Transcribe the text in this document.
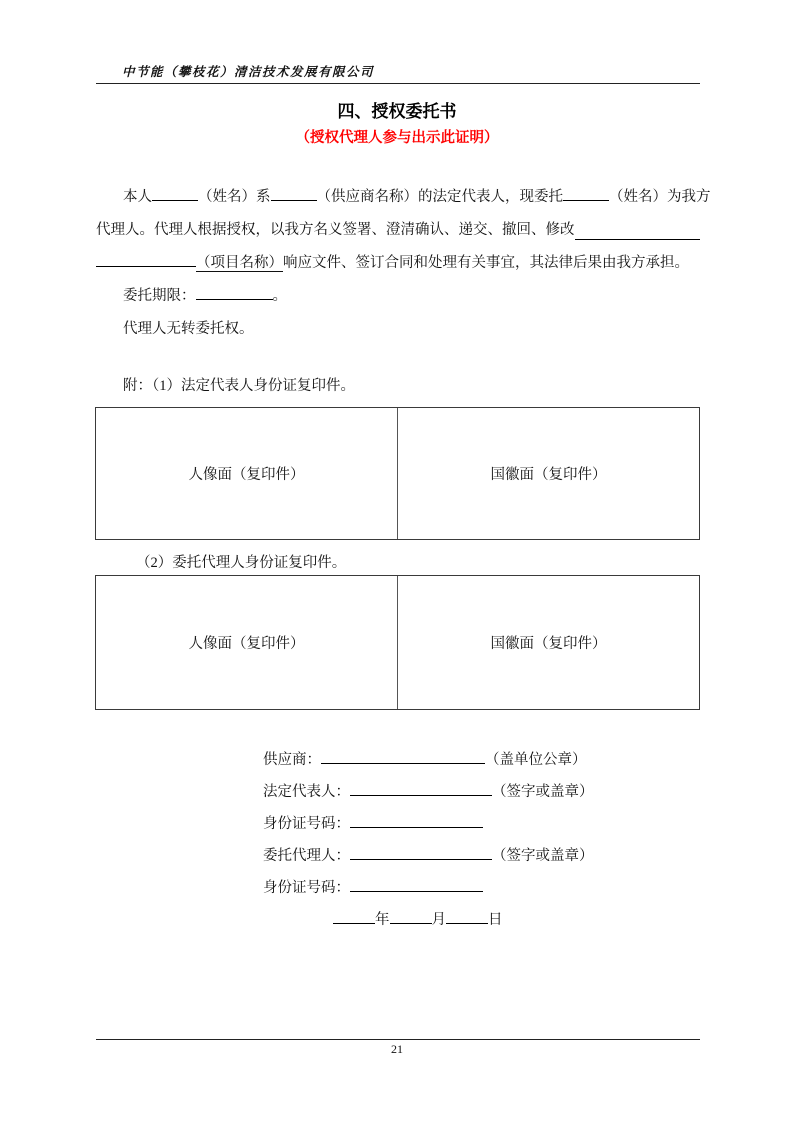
中节能（攀枝花）清洁技术发展有限公司
四、授权委托书
（授权代理人参与出示此证明）
本人	（姓名）系	（供应商名称）的法定代表人，现委托	（姓名）为我方
代理人。代理人根据授权，以我方名义签署、澄清确认、递交、撤回、修改
（项目名称）响应文件、签订合同和处理有关事宜，其法律后果由我方承担。
委托期限：	。
代理人无转委托权。
附：（1）法定代表人身份证复印件。
人像面（复印件）	国徽面（复印件）
（2）委托代理人身份证复印件。
人像面（复印件）	国徽面（复印件）
供应商：	（盖单位公章）
法定代表人：	（签字或盖章）
身份证号码：
委托代理人：	（签字或盖章）
身份证号码：
年	月	日
21
